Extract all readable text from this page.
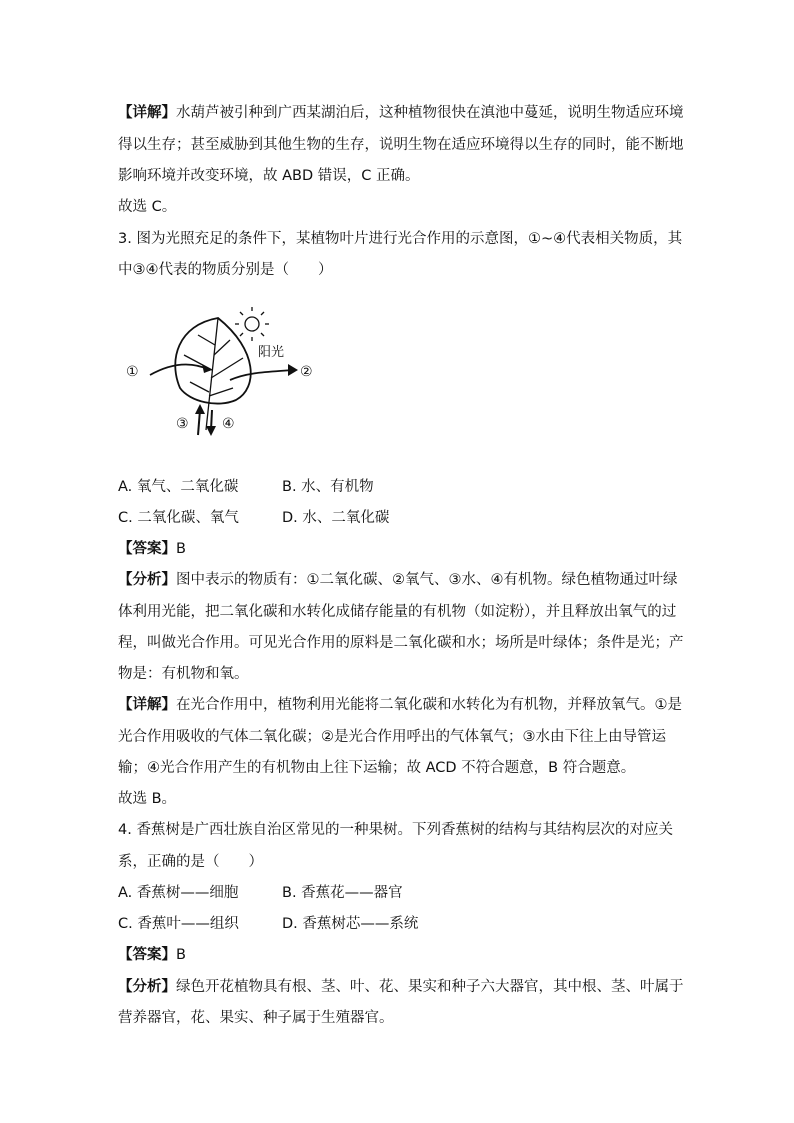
【详解】水葫芦被引种到广西某湖泊后，这种植物很快在滇池中蔓延，说明生物适应环境
得以生存；甚至威胁到其他生物的生存，说明生物在适应环境得以生存的同时，能不断地
影响环境并改变环境，故 ABD 错误，C 正确。
故选 C。
3. 图为光照充足的条件下，某植物叶片进行光合作用的示意图，①~④代表相关物质，其
中③④代表的物质分别是（　　）
阳光
①	②
③ ④
A. 氧气、二氧化碳	B. 水、有机物
C. 二氧化碳、氧气	D. 水、二氧化碳
【答案】B
【分析】图中表示的物质有：①二氧化碳、②氧气、③水、④有机物。绿色植物通过叶绿
体利用光能，把二氧化碳和水转化成储存能量的有机物（如淀粉），并且释放出氧气的过
程，叫做光合作用。可见光合作用的原料是二氧化碳和水；场所是叶绿体；条件是光；产
物是：有机物和氧。
【详解】在光合作用中，植物利用光能将二氧化碳和水转化为有机物，并释放氧气。①是
光合作用吸收的气体二氧化碳；②是光合作用呼出的气体氧气；③水由下往上由导管运
输；④光合作用产生的有机物由上往下运输；故 ACD 不符合题意，B 符合题意。
故选 B。
4. 香蕉树是广西壮族自治区常见的一种果树。下列香蕉树的结构与其结构层次的对应关
系，正确的是（　　）
A. 香蕉树——细胞	B. 香蕉花——器官
C. 香蕉叶——组织	D. 香蕉树芯——系统
【答案】B
【分析】绿色开花植物具有根、茎、叶、花、果实和种子六大器官，其中根、茎、叶属于
营养器官，花、果实、种子属于生殖器官。
